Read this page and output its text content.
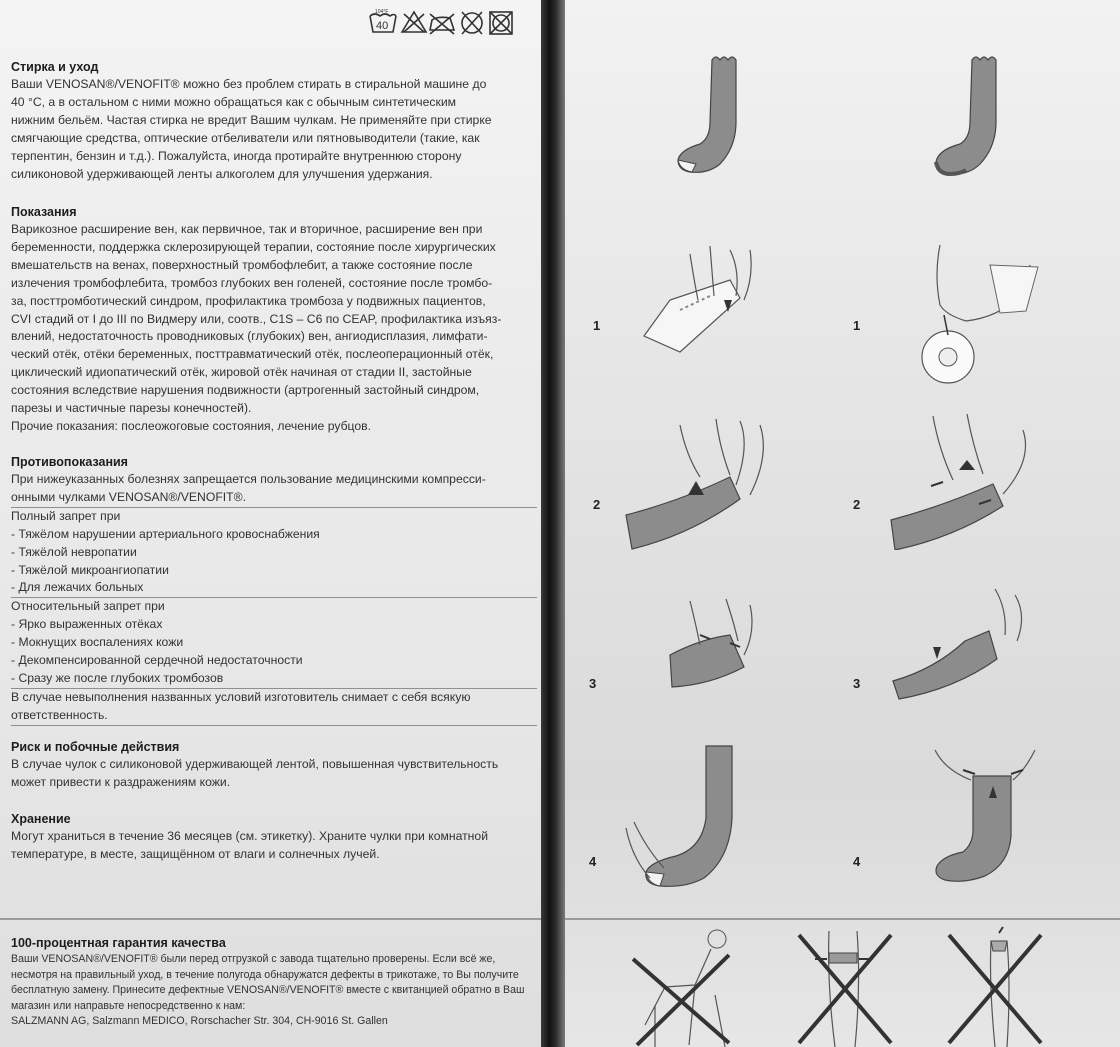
40
104°F

Стирка и уход

Ваши VENOSAN®/VENOFIT® можно без проблем стирать в стиральной машине до

40 °C, а в остальном с ними можно обращаться как с обычным синтетическим

нижним бельём. Частая стирка не вредит Вашим чулкам. Не применяйте при стирке

смягчающие средства, оптические отбеливатели или пятновыводители (такие, как

терпентин, бензин и т.д.). Пожалуйста, иногда протирайте внутреннюю сторону

силиконовой удерживающей ленты алкоголем для улучшения удержания.

Показания

Варикозное расширение вен, как первичное, так и вторичное, расширение вен при

беременности, поддержка склерозирующей терапии, состояние после хирургических

вмешательств на венах, поверхностный тромбофлебит, а также состояние после

излечения тромбофлебита, тромбоз глубоких вен голеней, состояние после тромбо-

за, посттромботический синдром, профилактика тромбоза у подвижных пациентов,

CVI стадий от I до III по Видмеру или, соотв., C1S – C6 по CEAP, профилактика изъяз-

влений, недостаточность проводниковых (глубоких) вен, ангиодисплазия, лимфати-

ческий отёк, отёки беременных, посттравматический отёк, послеоперационный отёк,

циклический идиопатический отёк, жировой отёк начиная от стадии II, застойные

состояния вследствие нарушения подвижности (артрогенный застойный синдром,

парезы и частичные парезы конечностей).

Прочие показания: послеожоговые состояния, лечение рубцов.

Противопоказания

При нижеуказанных болезнях запрещается пользование медицинскими компресси-

онными чулками VENOSAN®/VENOFIT®.

Полный запрет при

- Тяжёлом нарушении артериального кровоснабжения

- Тяжёлой невропатии

- Тяжёлой микроангиопатии

- Для лежачих больных

Относительный запрет при

- Ярко выраженных отёках

- Мокнущих воспалениях кожи

- Декомпенсированной сердечной недостаточности

- Сразу же после глубоких тромбозов

В случае невыполнения названных условий изготовитель снимает с себя всякую

ответственность.

Риск и побочные действия

В случае чулок с силиконовой удерживающей лентой, повышенная чувствительность

может привести к раздражениям кожи.

Хранение

Могут храниться в течение 36 месяцев (см. этикетку). Храните чулки при комнатной

температуре, в месте, защищённом от влаги и солнечных лучей.

100-процентная гарантия качества

Ваши VENOSAN®/VENOFIT® были перед отгрузкой с завода тщательно проверены. Если всё же,

несмотря на правильный уход, в течение полугода обнаружатся дефекты в трикотаже, то Вы получите

бесплатную замену. Принесите дефектные VENOSAN®/VENOFIT® вместе с квитанцией обратно в Ваш

магазин или направьте непосредственно к нам:

SALZMANN AG, Salzmann MEDICO, Rorschacher Str. 304, CH-9016 St. Gallen

1	1
2	2
3	3
4	4
